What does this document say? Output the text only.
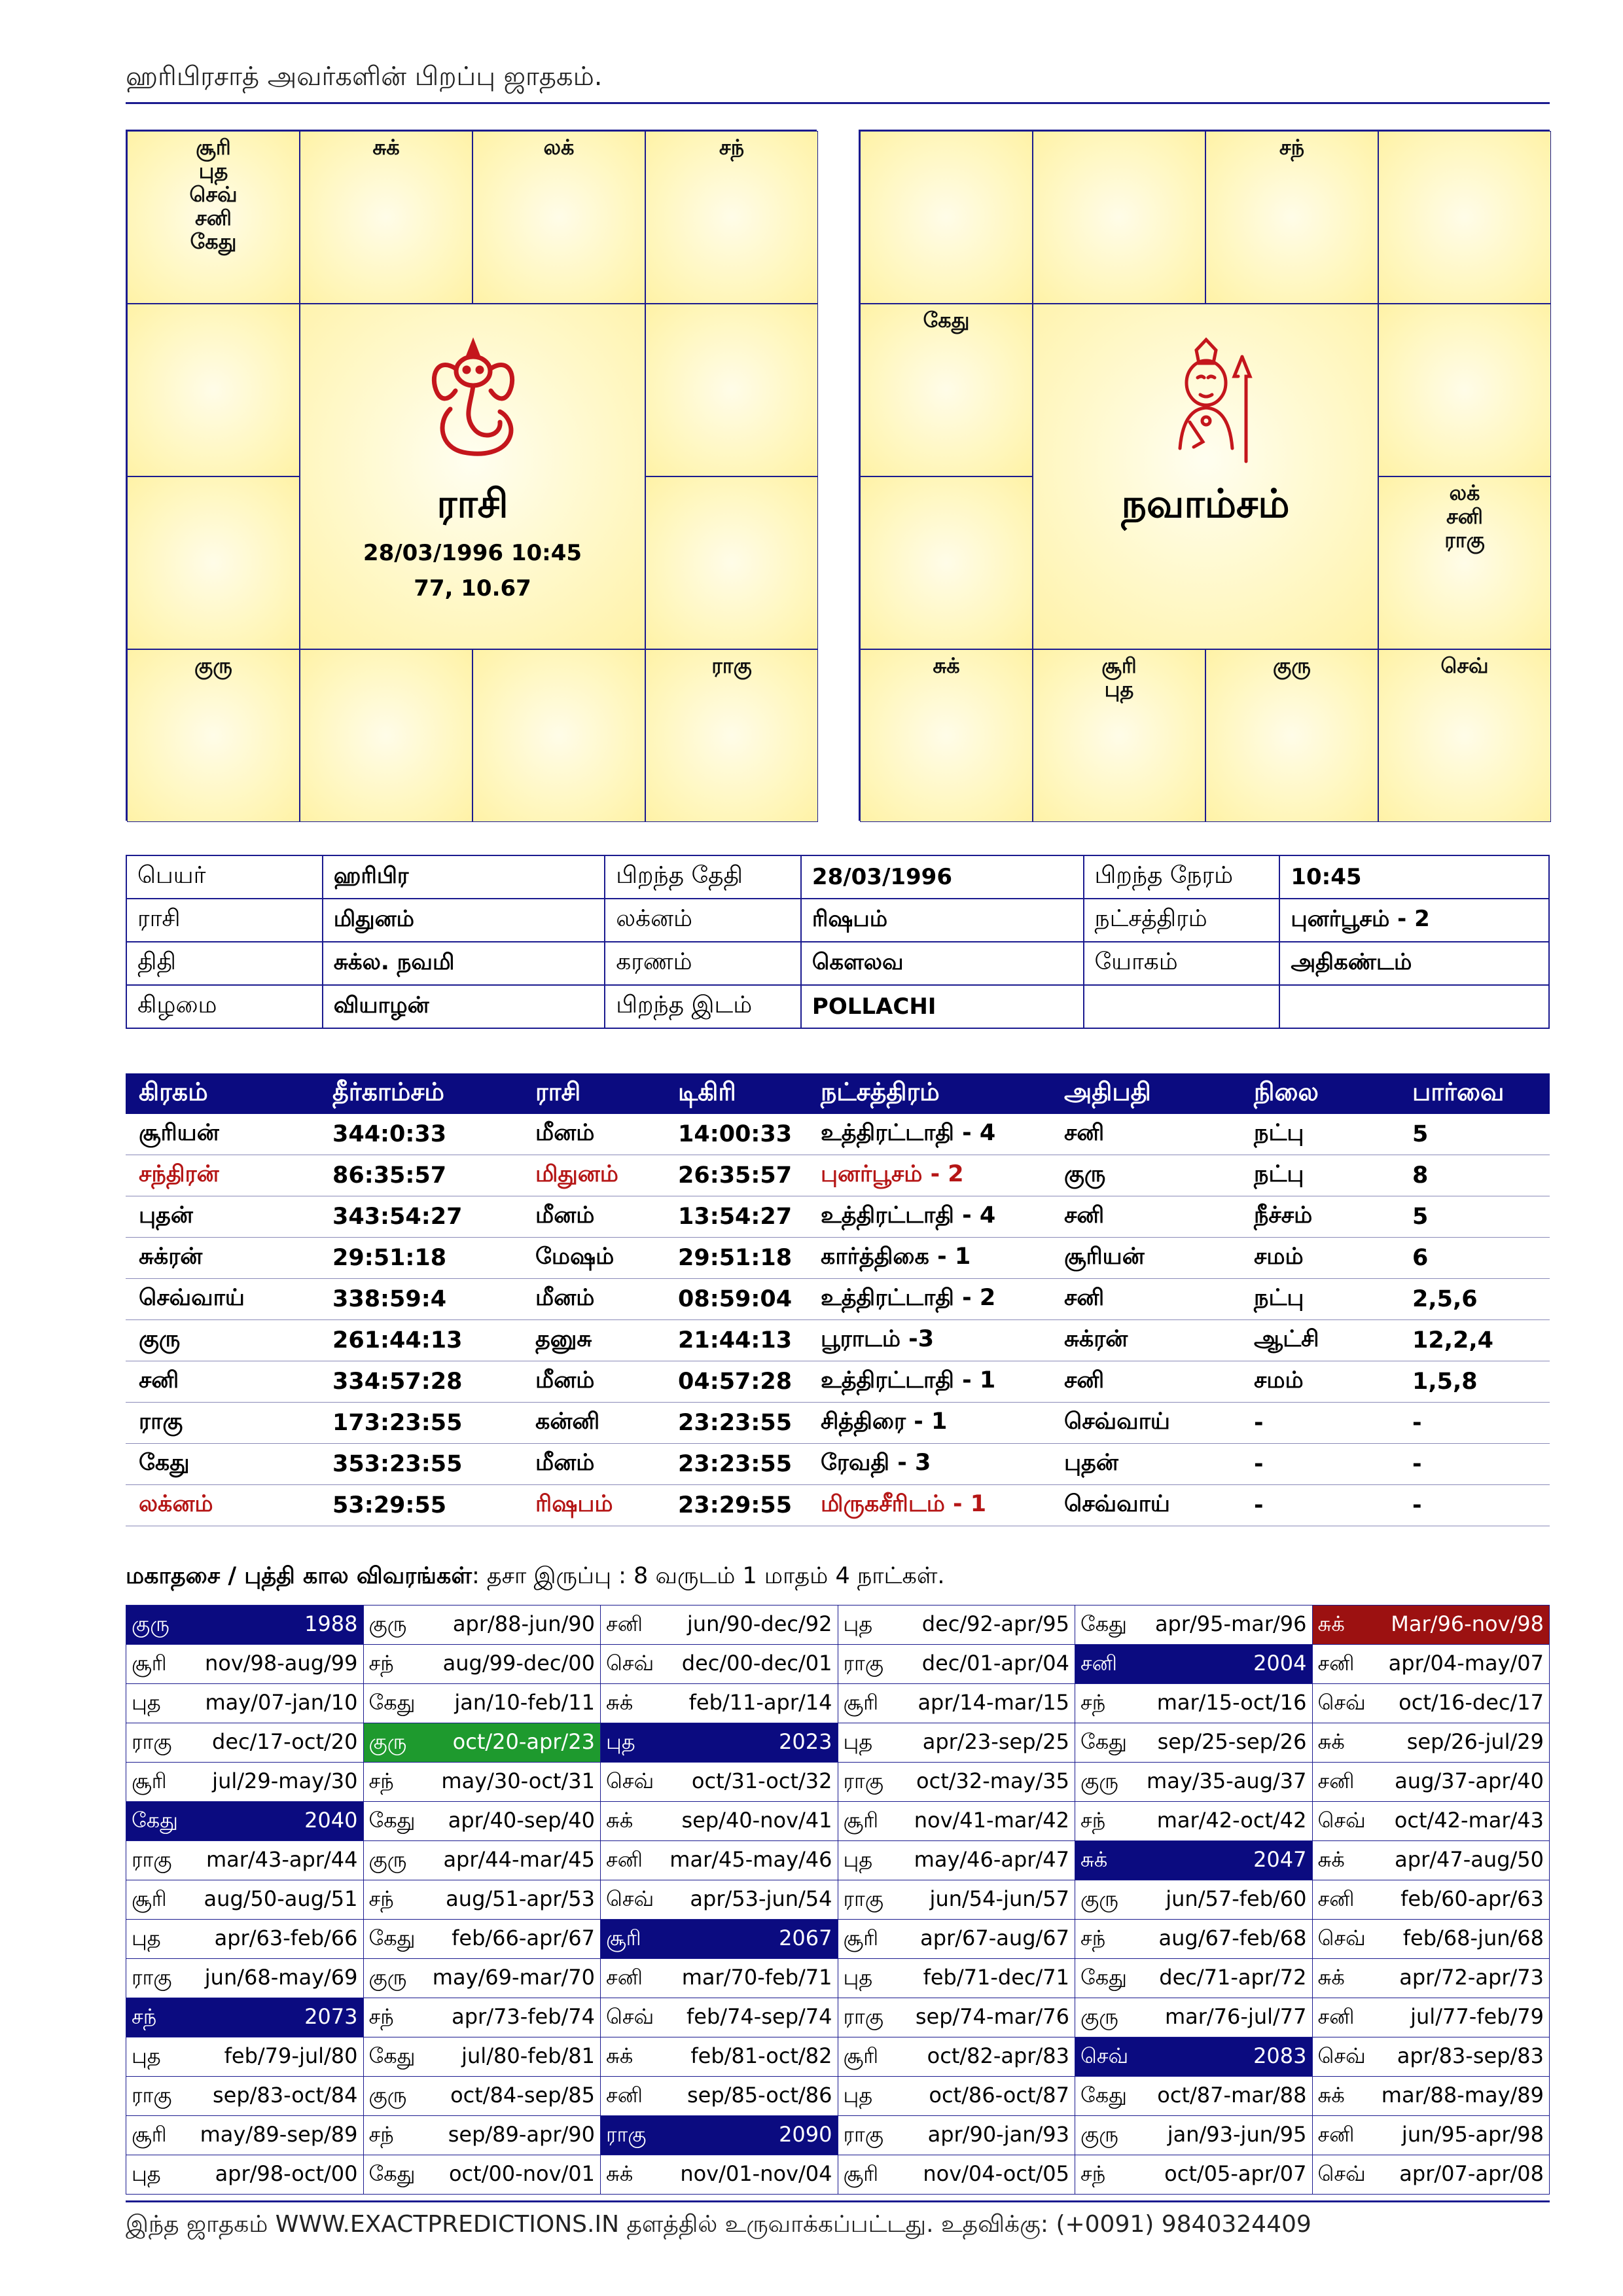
ஹரிபிரசாத் அவர்களின் பிறப்பு ஜாதகம்.
சூரி
புத
செவ்
சனி
கேது
சுக்	லக்	சந்
குரு	ராகு
ராசி
28/03/1996 10:45
77, 10.67
சந்
கேது
லக்
சனி
ராகு
சுக்	சூரி
புத
குரு	செவ்
நவாம்சம்
பெயர்	ஹரிபிர	பிறந்த தேதி	28/03/1996	பிறந்த நேரம்	10:45
ராசி	மிதுனம்	லக்னம்	ரிஷபம்	நட்சத்திரம்	புனர்பூசம் - 2
திதி	சுக்ல. நவமி	கரணம்	கௌலவ	யோகம்	அதிகண்டம்
கிழமை	வியாழன்	பிறந்த இடம்	POLLACHI		
கிரகம்	தீர்காம்சம்	ராசி	டிகிரி	நட்சத்திரம்	அதிபதி	நிலை	பார்வை
சூரியன்	344:0:33	மீனம்	14:00:33	உத்திரட்டாதி - 4	சனி	நட்பு	5
சந்திரன்	86:35:57	மிதுனம்	26:35:57	புனர்பூசம் - 2	குரு	நட்பு	8
புதன்	343:54:27	மீனம்	13:54:27	உத்திரட்டாதி - 4	சனி	நீச்சம்	5
சுக்ரன்	29:51:18	மேஷம்	29:51:18	கார்த்திகை - 1	சூரியன்	சமம்	6
செவ்வாய்	338:59:4	மீனம்	08:59:04	உத்திரட்டாதி - 2	சனி	நட்பு	2,5,6
குரு	261:44:13	தனுசு	21:44:13	பூராடம் -3	சுக்ரன்	ஆட்சி	12,2,4
சனி	334:57:28	மீனம்	04:57:28	உத்திரட்டாதி - 1	சனி	சமம்	1,5,8
ராகு	173:23:55	கன்னி	23:23:55	சித்திரை - 1	செவ்வாய்	-	-
கேது	353:23:55	மீனம்	23:23:55	ரேவதி - 3	புதன்	-	-
லக்னம்	53:29:55	ரிஷபம்	23:29:55	மிருகசீரிடம் - 1	செவ்வாய்	-	-
மகாதசை / புத்தி கால விவரங்கள்: தசா இருப்பு : 8 வருடம் 1 மாதம் 4 நாட்கள்.
குரு 1988	குரு apr/88-jun/90	சனி jun/90-dec/92	புத dec/92-apr/95	கேது apr/95-mar/96	சுக் Mar/96-nov/98

சூரி nov/98-aug/99	சந் aug/99-dec/00	செவ் dec/00-dec/01	ராகு dec/01-apr/04	சனி 2004	சனி apr/04-may/07

புத may/07-jan/10	கேது jan/10-feb/11	சுக் feb/11-apr/14	சூரி apr/14-mar/15	சந் mar/15-oct/16	செவ் oct/16-dec/17

ராகு dec/17-oct/20	குரு oct/20-apr/23	புத 2023	புத apr/23-sep/25	கேது sep/25-sep/26	சுக் sep/26-jul/29

சூரி jul/29-may/30	சந் may/30-oct/31	செவ் oct/31-oct/32	ராகு oct/32-may/35	குரு may/35-aug/37	சனி aug/37-apr/40

கேது 2040	கேது apr/40-sep/40	சுக் sep/40-nov/41	சூரி nov/41-mar/42	சந் mar/42-oct/42	செவ் oct/42-mar/43

ராகு mar/43-apr/44	குரு apr/44-mar/45	சனி mar/45-may/46	புத may/46-apr/47	சுக் 2047	சுக் apr/47-aug/50

சூரி aug/50-aug/51	சந் aug/51-apr/53	செவ் apr/53-jun/54	ராகு jun/54-jun/57	குரு jun/57-feb/60	சனி feb/60-apr/63

புத apr/63-feb/66	கேது feb/66-apr/67	சூரி 2067	சூரி apr/67-aug/67	சந் aug/67-feb/68	செவ் feb/68-jun/68

ராகு jun/68-may/69	குரு may/69-mar/70	சனி mar/70-feb/71	புத feb/71-dec/71	கேது dec/71-apr/72	சுக் apr/72-apr/73

சந் 2073	சந் apr/73-feb/74	செவ் feb/74-sep/74	ராகு sep/74-mar/76	குரு mar/76-jul/77	சனி jul/77-feb/79

புத feb/79-jul/80	கேது jul/80-feb/81	சுக் feb/81-oct/82	சூரி oct/82-apr/83	செவ் 2083	செவ் apr/83-sep/83

ராகு sep/83-oct/84	குரு oct/84-sep/85	சனி sep/85-oct/86	புத oct/86-oct/87	கேது oct/87-mar/88	சுக் mar/88-may/89

சூரி may/89-sep/89	சந் sep/89-apr/90	ராகு 2090	ராகு apr/90-jan/93	குரு jan/93-jun/95	சனி jun/95-apr/98

புத apr/98-oct/00	கேது oct/00-nov/01	சுக் nov/01-nov/04	சூரி nov/04-oct/05	சந் oct/05-apr/07	செவ் apr/07-apr/08
இந்த ஜாதகம் WWW.EXACTPREDICTIONS.IN தளத்தில் உருவாக்கப்பட்டது. உதவிக்கு: (+0091) 9840324409
